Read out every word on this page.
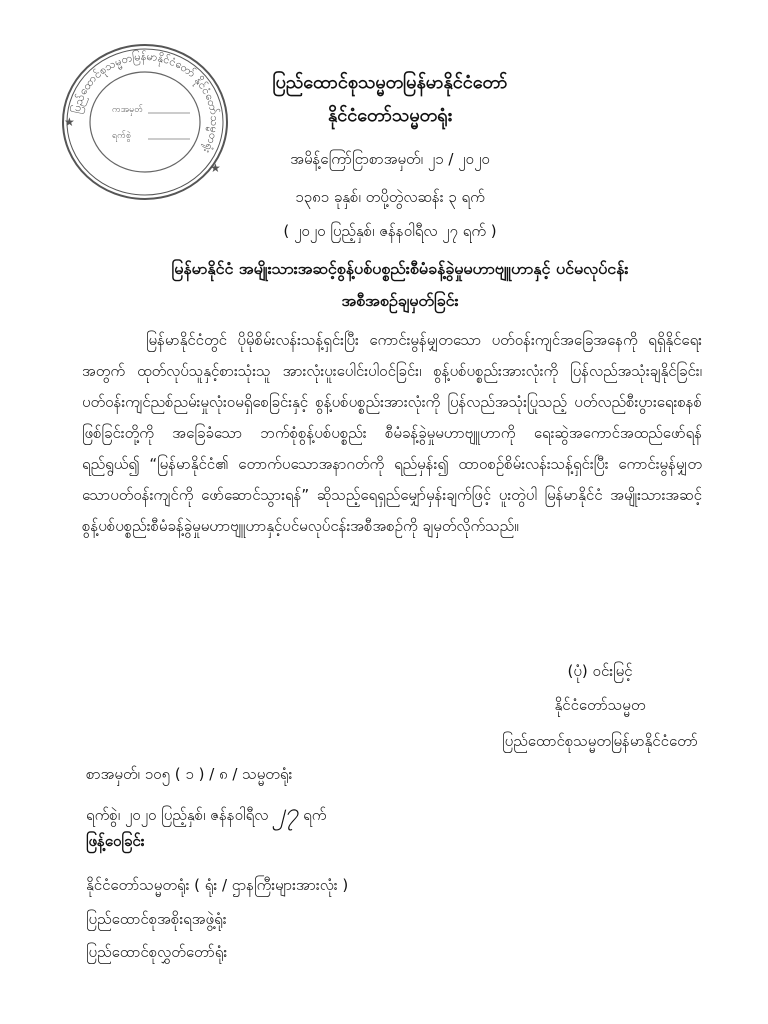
ပြည်ထောင်စုသမ္မတမြန်မာနိုင်ငံတော် နိုင်ငံတော်သမ္မတရုံး
ကအမှတ်
ရက်စွဲ
★
★
ပြည်ထောင်စုသမ္မတမြန်မာနိုင်ငံတော်
နိုင်ငံတော်သမ္မတရုံး
အမိန့်ကြော်ငြာစာအမှတ်၊ ၂၁ / ၂၀၂၀
၁၃၈၁ ခုနှစ်၊ တပို့တွဲလဆန်း ၃ ရက်
( ၂၀၂၀ ပြည့်နှစ်၊ ဇန်နဝါရီလ ၂၇ ရက် )
မြန်မာနိုင်ငံ အမျိုးသားအဆင့်စွန့်ပစ်ပစ္စည်းစီမံခန့်ခွဲမှုမဟာဗျူဟာနှင့် ပင်မလုပ်ငန်း
အစီအစဉ်ချမှတ်ခြင်း
မြန်မာနိုင်ငံတွင် ပိုမိုစိမ်းလန်းသန့်ရှင်းပြီး ကောင်းမွန်မျှတသော ပတ်ဝန်းကျင်အခြေအနေကို ရရှိနိုင်ရေးအတွက် ထုတ်လုပ်သူနှင့်စားသုံးသူ အားလုံးပူးပေါင်းပါဝင်ခြင်း၊ စွန့်ပစ်ပစ္စည်းအားလုံးကို ပြန်လည်အသုံးချနိုင်ခြင်း၊ ပတ်ဝန်းကျင်ညစ်ညမ်းမှုလုံးဝမရှိစေခြင်းနှင့် စွန့်ပစ်ပစ္စည်းအားလုံးကို ပြန်လည်အသုံးပြုသည့် ပတ်လည်စီးပွားရေးစနစ်ဖြစ်ခြင်းတို့ကို အခြေခံသော ဘက်စုံစွန့်ပစ်ပစ္စည်း စီမံခန့်ခွဲမှုမဟာဗျူဟာကို ရေးဆွဲအကောင်အထည်ဖော်ရန်ရည်ရွယ်၍ “မြန်မာနိုင်ငံ၏ တောက်ပသောအနာဂတ်ကို ရည်မှန်း၍ ထာဝစဉ်စိမ်းလန်းသန့်ရှင်းပြီး ကောင်းမွန်မျှတသောပတ်ဝန်းကျင်ကို ဖော်ဆောင်သွားရန်” ဆိုသည့်ရေရှည်မျှော်မှန်းချက်ဖြင့် ပူးတွဲပါ မြန်မာနိုင်ငံ အမျိုးသားအဆင့်စွန့်ပစ်ပစ္စည်းစီမံခန့်ခွဲမှုမဟာဗျူဟာနှင့်ပင်မလုပ်ငန်းအစီအစဉ်ကို ချမှတ်လိုက်သည်။
(ပုံ) ဝင်းမြင့်
နိုင်ငံတော်သမ္မတ
ပြည်ထောင်စုသမ္မတမြန်မာနိုင်ငံတော်
စာအမှတ်၊ ၁၀၅ ( ၁ ) / ၈ / သမ္မတရုံး
ရက်စွဲ၊ ၂၀၂၀ ပြည့်နှစ်၊ ဇန်နဝါရီလ ၂၇ ရက်
ဖြန့်ဝေခြင်း
နိုင်ငံတော်သမ္မတရုံး ( ရုံး / ဌာနကြီးများအားလုံး )
ပြည်ထောင်စုအစိုးရအဖွဲ့ရုံး
ပြည်ထောင်စုလွှတ်တော်ရုံး
